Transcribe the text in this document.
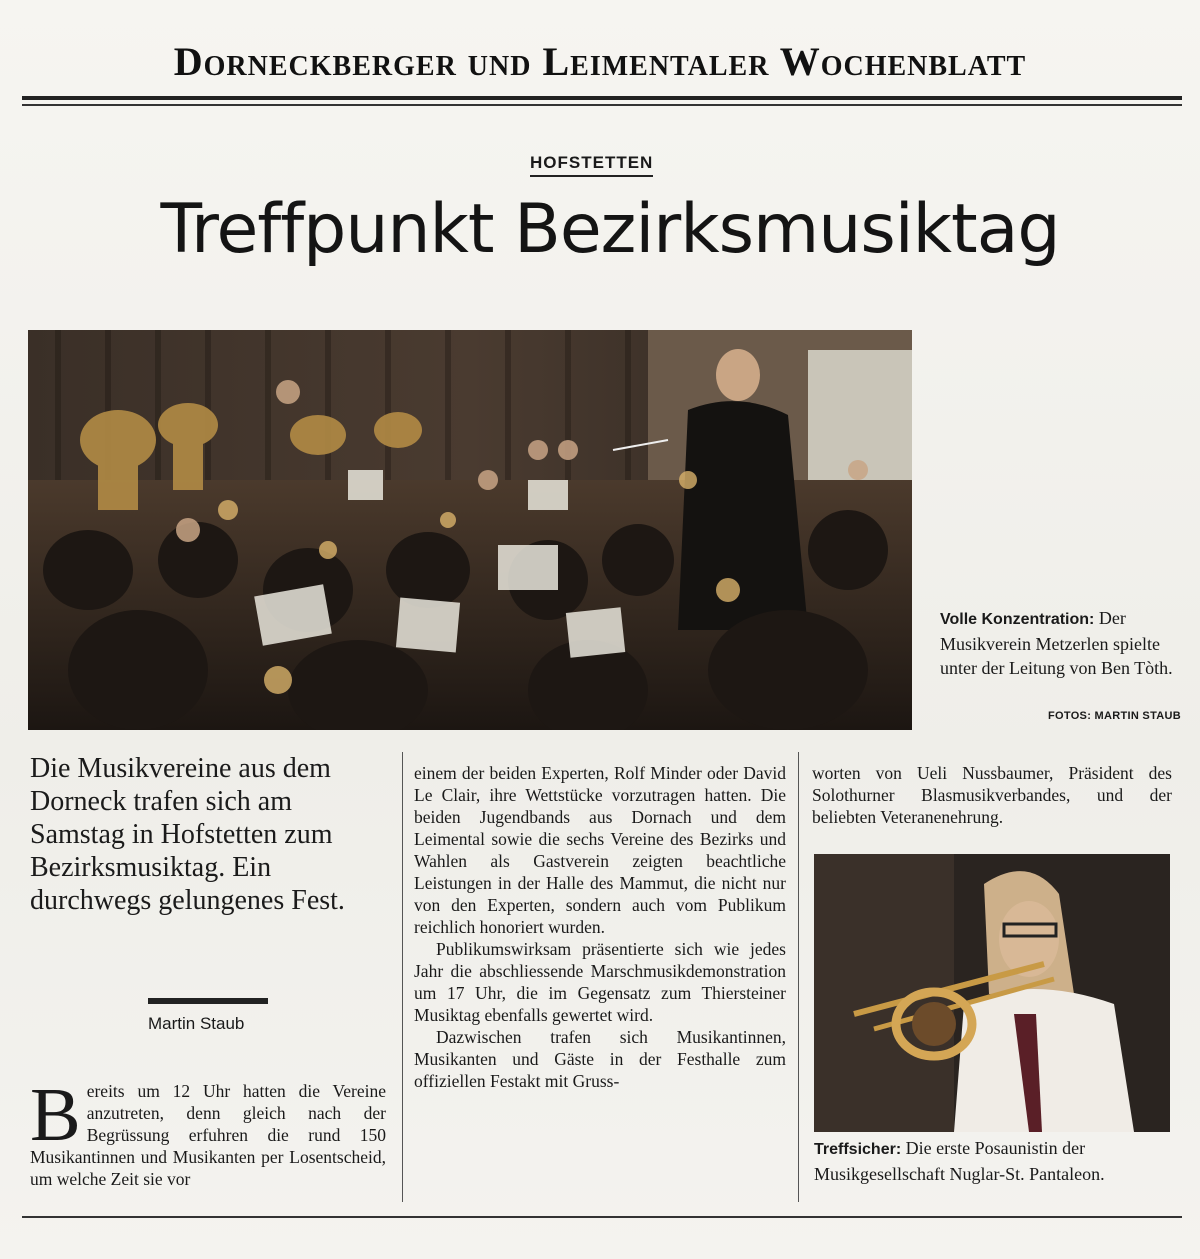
Dorneckberger und Leimentaler Wochenblatt
HOFSTETTEN
Treffpunkt Bezirksmusiktag
Volle Konzentration: Der Musikverein Metzerlen spielte unter der Leitung von Ben Tòth.
FOTOS: MARTIN STAUB
Die Musikvereine aus dem Dorneck trafen sich am Samstag in Hofstetten zum Bezirksmusiktag. Ein durchwegs gelungenes Fest.
Martin Staub

Bereits um 12 Uhr hatten die Vereine anzutreten, denn gleich nach der Begrüssung erfuhren die rund 150 Musikantinnen und Musikanten per Losentscheid, um welche Zeit sie vor

einem der beiden Experten, Rolf Minder oder David Le Clair, ihre Wettstücke vorzutragen hatten. Die beiden Jugendbands aus Dornach und dem Leimental sowie die sechs Vereine des Bezirks und Wahlen als Gastverein zeigten beachtliche Leistungen in der Halle des Mammut, die nicht nur von den Experten, sondern auch vom Publikum reichlich honoriert wurden.

Publikumswirksam präsentierte sich wie jedes Jahr die abschliessende Marschmusikdemonstration um 17 Uhr, die im Gegensatz zum Thiersteiner Musiktag ebenfalls gewertet wird.

Dazwischen trafen sich Musikantinnen, Musikanten und Gäste in der Festhalle zum offiziellen Festakt mit Gruss-

worten von Ueli Nussbaumer, Präsident des Solothurner Blasmusikverbandes, und der beliebten Veteranenehrung.

Treffsicher: Die erste Posaunistin der Musikgesellschaft Nuglar-St. Pantaleon.
